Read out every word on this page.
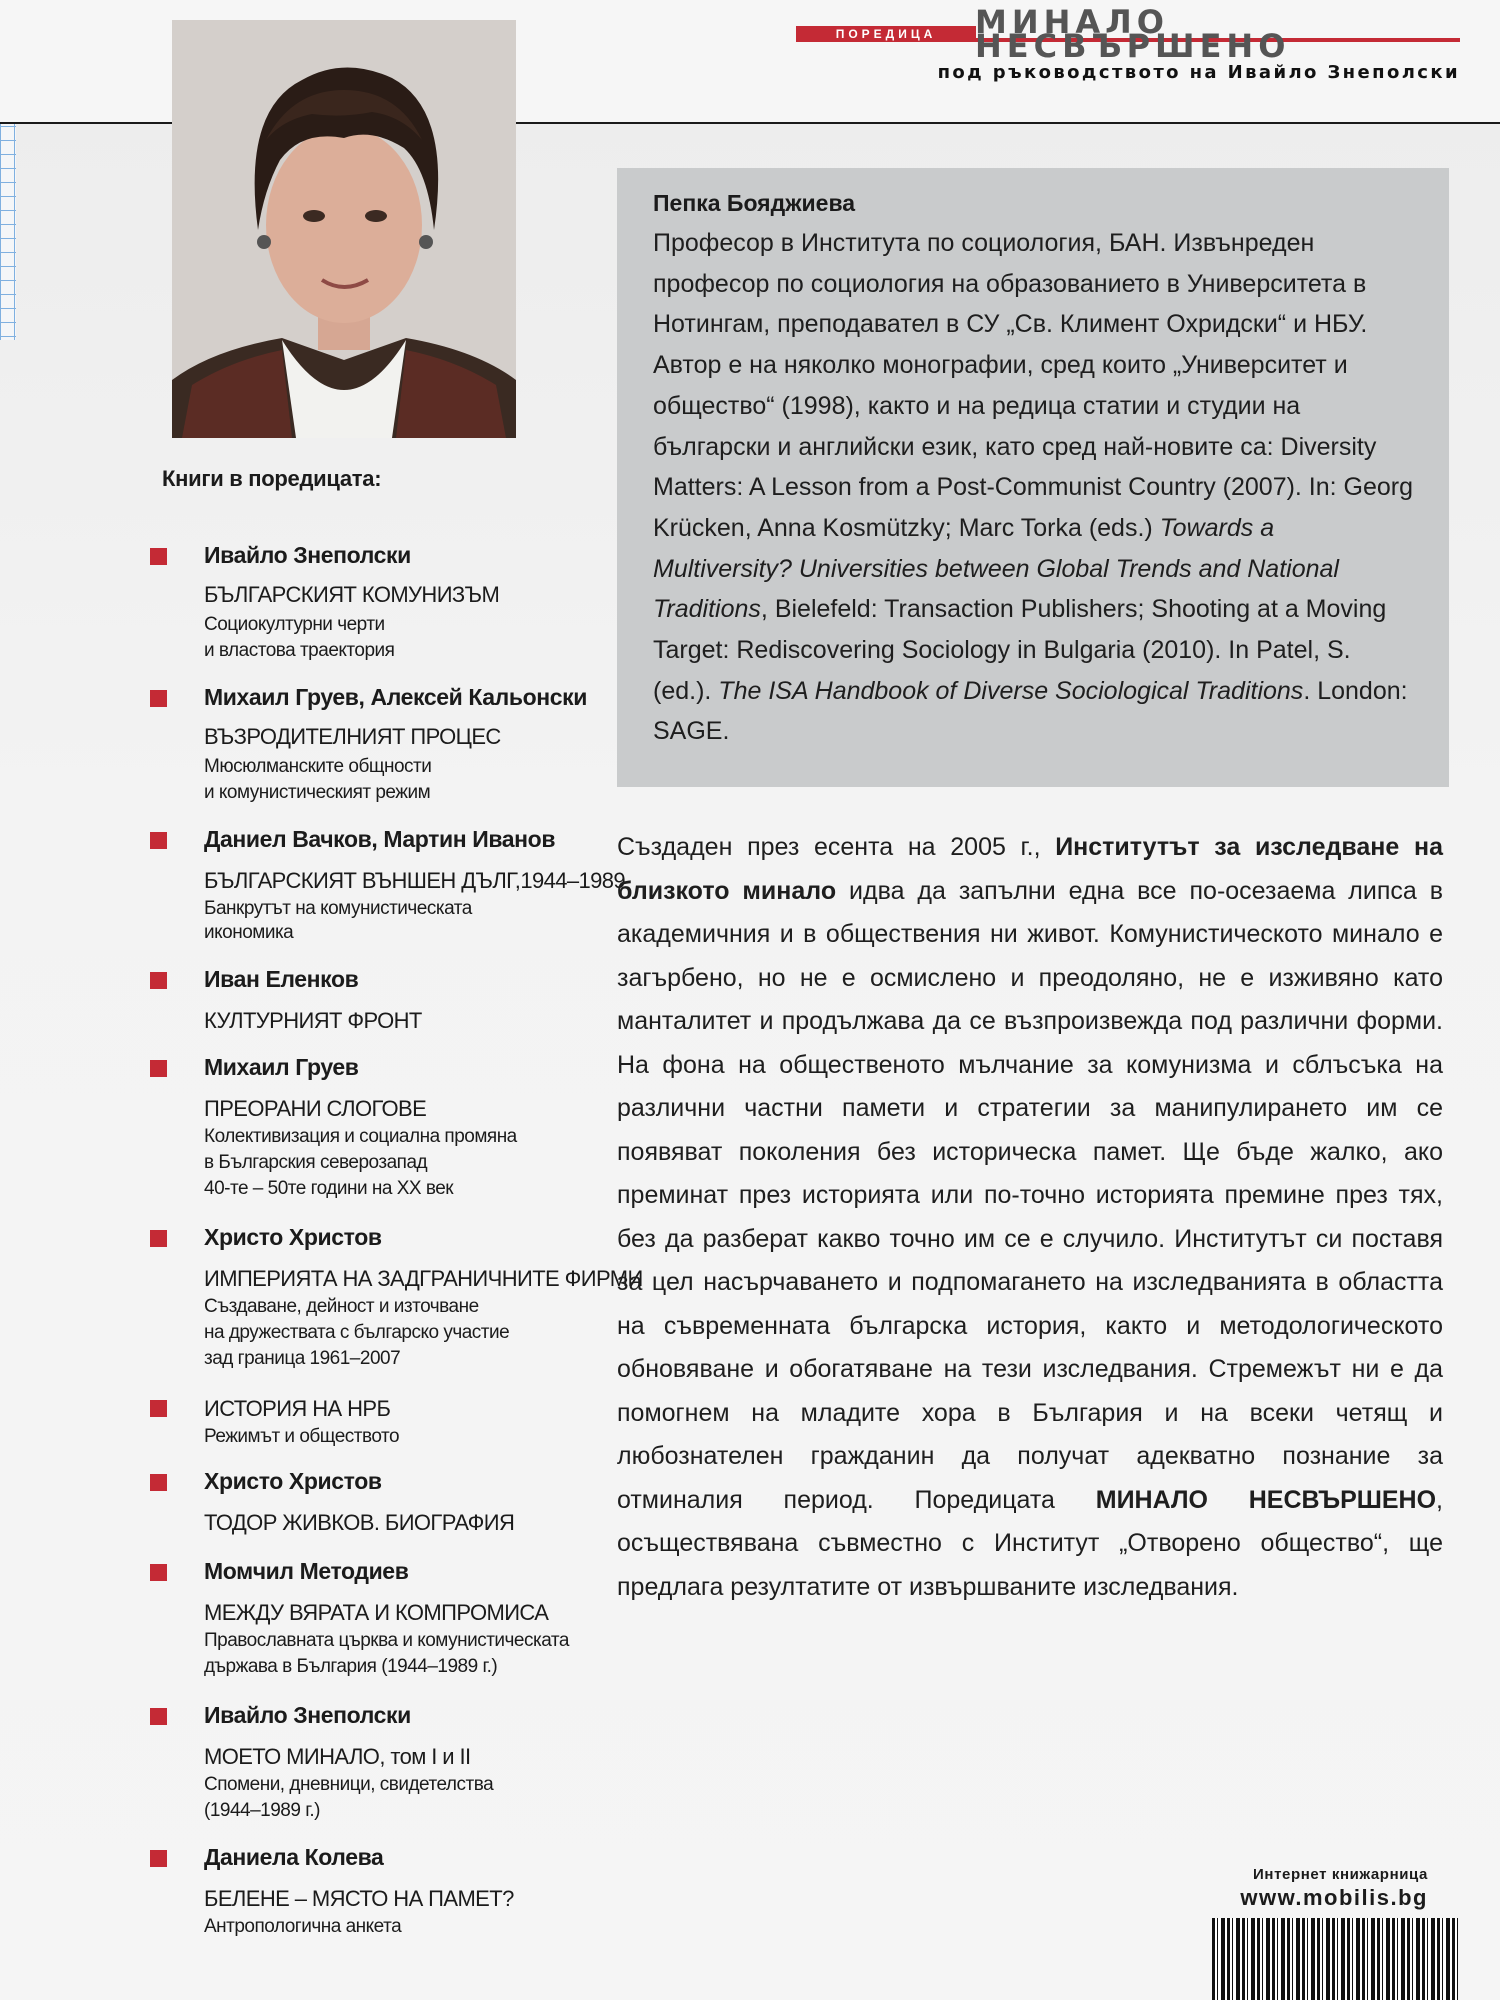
ПОРЕДИЦА	МИНАЛО НЕСВЪРШЕНО
под ръководството на Ивайло Знеполски
Пепка Бояджиева
Професор в Института по социология, БАН. Извънреден професор по социология на образованието в Университета в Нотингам, преподавател в СУ „Св. Климент Охридски“ и НБУ. Автор е на няколко монографии, сред които „Университет и общество“ (1998), както и на редица статии и студии на български и английски език, като сред най-новите са: Diversity Matters: A Lesson from a Post-Communist Country (2007). In: Georg Krücken, Anna Kosmützky; Marc Torka (eds.) Towards a Multiversity? Universities between Global Trends and National Traditions, Bielefeld: Transaction Publishers; Shooting at a Moving Target: Rediscovering Sociology in Bulgaria (2010). In Patel, S. (ed.). The ISA Handbook of Diverse Sociological Traditions. London: SAGE.
Книги в поредицата:
Ивайло Знеполски
БЪЛГАРСКИЯТ КОМУНИЗЪМ
Социокултурни черти
и властова траектория
Михаил Груев, Алексей Кальонски
ВЪЗРОДИТЕЛНИЯТ ПРОЦЕС
Мюсюлманските общности
и комунистическият режим
Даниел Вачков, Мартин Иванов
БЪЛГАРСКИЯТ ВЪНШЕН ДЪЛГ,1944–1989
Банкрутът на комунистическата
икономика
Иван Еленков
КУЛТУРНИЯТ ФРОНТ
Михаил Груев
ПРЕОРАНИ СЛОГОВЕ
Колективизация и социална промяна
в Българския северозапад
40-те – 50те години на XX век
Христо Христов
ИМПЕРИЯТА НА ЗАДГРАНИЧНИТЕ ФИРМИ
Създаване, дейност и източване
на дружествата с българско участие
зад граница 1961–2007
ИСТОРИЯ НА НРБ
Режимът и обществото
Христо Христов
ТОДОР ЖИВКОВ. БИОГРАФИЯ
Момчил Методиев
МЕЖДУ ВЯРАТА И КОМПРОМИСА
Православната църква и комунистическата
държава в България (1944–1989 г.)
Ивайло Знеполски
МОЕТО МИНАЛО, том I и II
Спомени, дневници, свидетелства
(1944–1989 г.)
Даниела Колева
БЕЛЕНЕ – МЯСТО НА ПАМЕТ?
Антропологична анкета
Създаден през есента на 2005 г., Институтът за изследване на близкото минало идва да запълни една все по-осезаема липса в академичния и в обществения ни живот. Комунистическото минало е загърбено, но не е осмислено и преодоляно, не е изживяно като манталитет и продължава да се възпроизвежда под различни форми. На фона на общественото мълчание за комунизма и сблъсъка на различни частни памети и стратегии за манипулирането им се появяват поколения без историческа памет. Ще бъде жалко, ако преминат през историята или по-точно историята премине през тях, без да разберат какво точно им се е случило. Институтът си поставя за цел насърчаването и подпомагането на изследванията в областта на съвременната българска история, както и методологическото обновяване и обогатяване на тези изследвания. Стремежът ни е да помогнем на младите хора в България и на всеки четящ и любознателен гражданин да получат адекватно познание за отминалия период. Поредицата МИНАЛО НЕСВЪРШЕНО, осъществявана съвместно с Институт „Отворено общество“, ще предлага резултатите от извършваните изследвания.
Интернет книжарница
www.mobilis.bg
